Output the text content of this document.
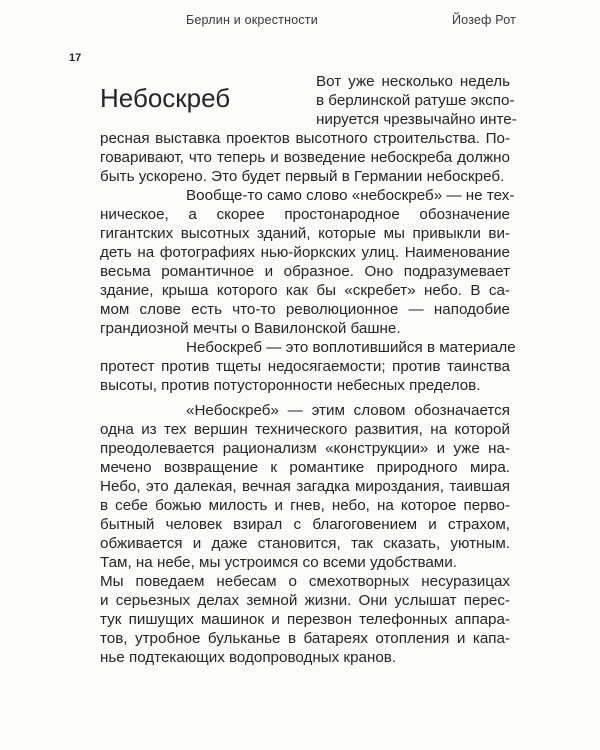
Берлин и окрестности	Йозеф Рот
17
Небоскреб
Вот уже несколько недель
в берлинской ратуше экспо-
нируется чрезвычайно инте-
ресная выставка проектов высотного строительства. По-
говаривают, что теперь и возведение небоскреба должно
быть ускорено. Это будет первый в Германии небоскреб.
Вообще-то само слово «небоскреб» — не тех-
ническое, а скорее простонародное обозначение
гигантских высотных зданий, которые мы привыкли ви-
деть на фотографиях нью-йоркских улиц. Наименование
весьма романтичное и образное. Оно подразумевает
здание, крыша которого как бы «скребет» небо. В са-
мом слове есть что-то революционное — наподобие
грандиозной мечты о Вавилонской башне.
Небоскреб — это воплотившийся в материале
протест против тщеты недосягаемости; против таинства
высоты, против потусторонности небесных пределов.
«Небоскреб» — этим словом обозначается
одна из тех вершин технического развития, на которой
преодолевается рационализм «конструкции» и уже на-
мечено возвращение к романтике природного мира.
Небо, это далекая, вечная загадка мироздания, таившая
в себе божью милость и гнев, небо, на которое перво-
бытный человек взирал с благоговением и страхом,
обживается и даже становится, так сказать, уютным.
Там, на небе, мы устроимся со всеми удобствами.
Мы поведаем небесам о смехотворных несуразицах
и серьезных делах земной жизни. Они услышат перес-
тук пишущих машинок и перезвон телефонных аппара-
тов, утробное бульканье в батареях отопления и капа-
нье подтекающих водопроводных кранов.
